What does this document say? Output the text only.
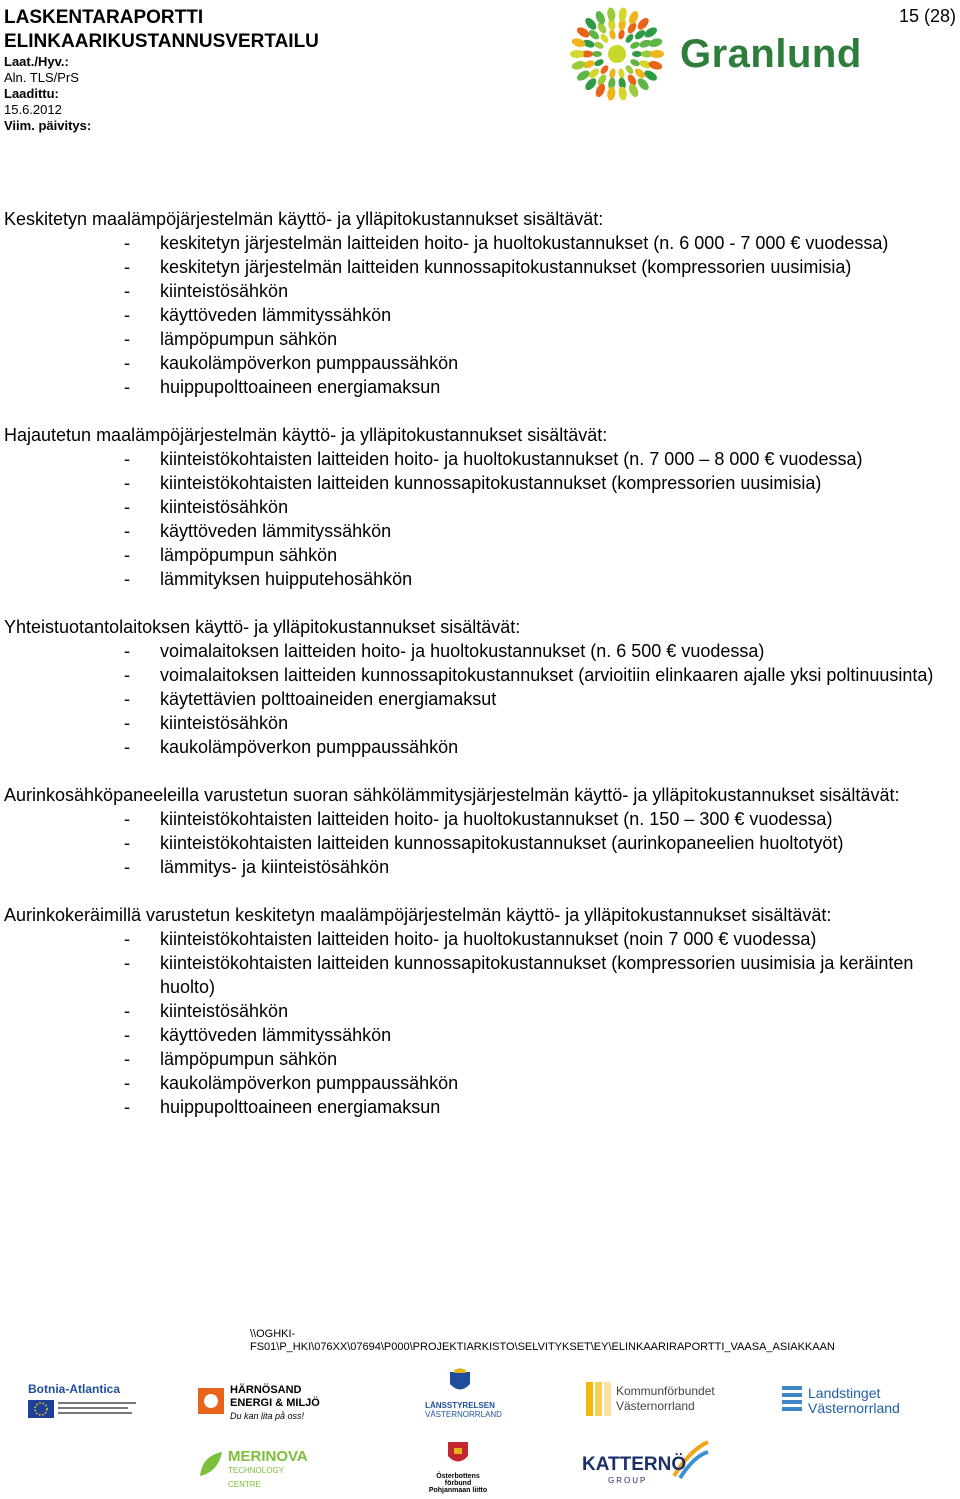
LASKENTARAPORTTI
ELINKAARIKUSTANNUSVERTAILU
Laat./Hyv.:
Aln. TLS/PrS
Laadittu:
15.6.2012
Viim. päivitys:
15 (28)
Granlund
Keskitetyn maalämpöjärjestelmän käyttö- ja ylläpitokustannukset sisältävät:
- keskitetyn järjestelmän laitteiden hoito- ja huoltokustannukset (n. 6 000 - 7 000 € vuodessa)
- keskitetyn järjestelmän laitteiden kunnossapitokustannukset (kompressorien uusimisia)
- kiinteistösähkön
- käyttöveden lämmityssähkön
- lämpöpumpun sähkön
- kaukolämpöverkon pumppaussähkön
- huippupolttoaineen energiamaksun
Hajautetun maalämpöjärjestelmän käyttö- ja ylläpitokustannukset sisältävät:
- kiinteistökohtaisten laitteiden hoito- ja huoltokustannukset (n. 7 000 – 8 000 € vuodessa)
- kiinteistökohtaisten laitteiden kunnossapitokustannukset (kompressorien uusimisia)
- kiinteistösähkön
- käyttöveden lämmityssähkön
- lämpöpumpun sähkön
- lämmityksen huipputehosähkön
Yhteistuotantolaitoksen käyttö- ja ylläpitokustannukset sisältävät:
- voimalaitoksen laitteiden hoito- ja huoltokustannukset (n. 6 500 € vuodessa)
- voimalaitoksen laitteiden kunnossapitokustannukset (arvioitiin elinkaaren ajalle yksi poltinuusinta)
- käytettävien polttoaineiden energiamaksut
- kiinteistösähkön
- kaukolämpöverkon pumppaussähkön
Aurinkosähköpaneeleilla varustetun suoran sähkölämmitysjärjestelmän käyttö- ja ylläpitokustannukset sisältävät:
- kiinteistökohtaisten laitteiden hoito- ja huoltokustannukset (n. 150 – 300 € vuodessa)
- kiinteistökohtaisten laitteiden kunnossapitokustannukset (aurinkopaneelien huoltotyöt)
- lämmitys- ja kiinteistösähkön
Aurinkokeräimillä varustetun keskitetyn maalämpöjärjestelmän käyttö- ja ylläpitokustannukset sisältävät:
- kiinteistökohtaisten laitteiden hoito- ja huoltokustannukset (noin 7 000 € vuodessa)
- kiinteistökohtaisten laitteiden kunnossapitokustannukset (kompressorien uusimisia ja keräinten huolto)
- kiinteistösähkön
- käyttöveden lämmityssähkön
- lämpöpumpun sähkön
- kaukolämpöverkon pumppaussähkön
- huippupolttoaineen energiamaksun
\\OGHKI-
FS01\P_HKI\076XX\07694\P000\PROJEKTIARKISTO\SELVITYKSET\EY\ELINKAARIRAPORTTI_VAASA_ASIAKKAAN
Botnia-Atlantica	HÄRNÖSAND
ENERGI & MILJÖ
Du kan lita på oss!
LÄNSSTYRELSEN
VÄSTERNORRLAND
Kommunförbundet
Västernorrland
Landstinget
Västernorrland
MERINOVA
TECHNOLOGY CENTRE
Österbottens förbund
Pohjanmaan liitto
KATTERNÖ
GROUP
